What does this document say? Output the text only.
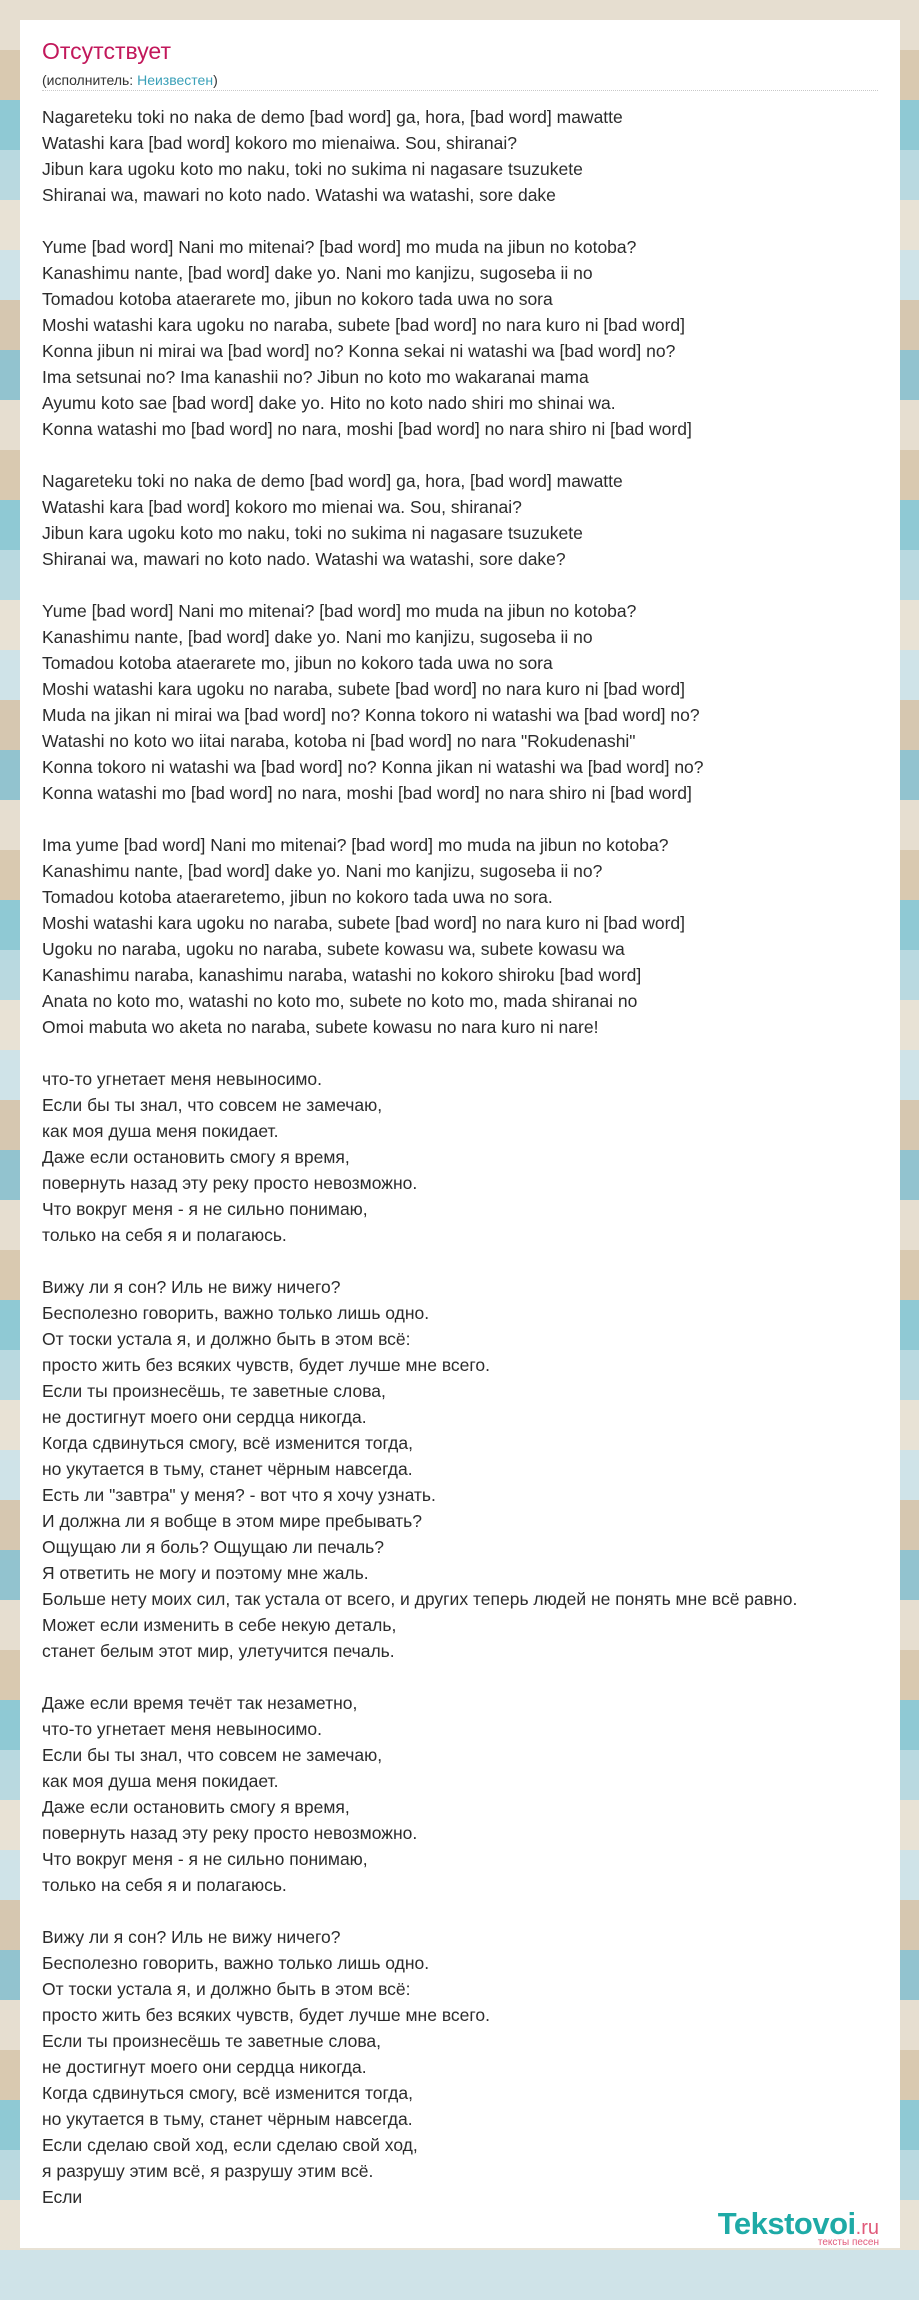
Отсутствует
(исполнитель: Неизвестен)
Nagareteku toki no naka de demo [bad word] ga, hora, [bad word] mawatte
Watashi kara [bad word] kokoro mo mienaiwa. Sou, shiranai?
Jibun kara ugoku koto mo naku, toki no sukima ni nagasare tsuzukete
Shiranai wa, mawari no koto nado. Watashi wa watashi, sore dake
Yume [bad word] Nani mo mitenai? [bad word] mo muda na jibun no kotoba?
Kanashimu nante, [bad word] dake yo. Nani mo kanjizu, sugoseba ii no
Tomadou kotoba ataerarete mo, jibun no kokoro tada uwa no sora
Moshi watashi kara ugoku no naraba, subete [bad word] no nara kuro ni [bad word]
Konna jibun ni mirai wa [bad word] no? Konna sekai ni watashi wa [bad word] no?
Ima setsunai no? Ima kanashii no? Jibun no koto mo wakaranai mama
Ayumu koto sae [bad word] dake yo. Hito no koto nado shiri mo shinai wa.
Konna watashi mo [bad word] no nara, moshi [bad word] no nara shiro ni [bad word]
Nagareteku toki no naka de demo [bad word] ga, hora, [bad word] mawatte
Watashi kara [bad word] kokoro mo mienai wa. Sou, shiranai?
Jibun kara ugoku koto mo naku, toki no sukima ni nagasare tsuzukete
Shiranai wa, mawari no koto nado. Watashi wa watashi, sore dake?
Yume [bad word] Nani mo mitenai? [bad word] mo muda na jibun no kotoba?
Kanashimu nante, [bad word] dake yo. Nani mo kanjizu, sugoseba ii no
Tomadou kotoba ataerarete mo, jibun no kokoro tada uwa no sora
Moshi watashi kara ugoku no naraba, subete [bad word] no nara kuro ni [bad word]
Muda na jikan ni mirai wa [bad word] no? Konna tokoro ni watashi wa [bad word] no?
Watashi no koto wo iitai naraba, kotoba ni [bad word] no nara "Rokudenashi"
Konna tokoro ni watashi wa [bad word] no? Konna jikan ni watashi wa [bad word] no?
Konna watashi mo [bad word] no nara, moshi [bad word] no nara shiro ni [bad word]
Ima yume [bad word] Nani mo mitenai? [bad word] mo muda na jibun no kotoba?
Kanashimu nante, [bad word] dake yo. Nani mo kanjizu, sugoseba ii no?
Tomadou kotoba ataeraretemo, jibun no kokoro tada uwa no sora.
Moshi watashi kara ugoku no naraba, subete [bad word] no nara kuro ni [bad word]
Ugoku no naraba, ugoku no naraba, subete kowasu wa, subete kowasu wa
Kanashimu naraba, kanashimu naraba, watashi no kokoro shiroku [bad word]
Anata no koto mo, watashi no koto mo, subete no koto mo, mada shiranai no
Omoi mabuta wo aketa no naraba, subete kowasu no nara kuro ni nare!
что-то угнетает меня невыносимо.
Если бы ты знал, что совсем не замечаю,
как моя душа меня покидает.
Даже если остановить смогу я время,
повернуть назад эту реку просто невозможно.
Что вокруг меня - я не сильно понимаю,
только на себя я и полагаюсь.
Вижу ли я сон? Иль не вижу ничего?
Бесполезно говорить, важно только лишь одно.
От тоски устала я, и должно быть в этом всё:
просто жить без всяких чувств, будет лучше мне всего.
Если ты произнесёшь, те заветные слова,
не достигнут моего они сердца никогда.
Когда сдвинуться смогу, всё изменится тогда,
но укутается в тьму, станет чёрным навсегда.
Есть ли "завтра" у меня? - вот что я хочу узнать.
И должна ли я вобще в этом мире пребывать?
Ощущаю ли я боль? Ощущаю ли печаль?
Я ответить не могу и поэтому мне жаль.
Больше нету моих сил, так устала от всего, и других теперь людей не понять мне всё равно.
Может если изменить в себе некую деталь,
станет белым этот мир, улетучится печаль.
Даже если время течёт так незаметно,
что-то угнетает меня невыносимо.
Если бы ты знал, что совсем не замечаю,
как моя душа меня покидает.
Даже если остановить смогу я время,
повернуть назад эту реку просто невозможно.
Что вокруг меня - я не сильно понимаю,
только на себя я и полагаюсь.
Вижу ли я сон? Иль не вижу ничего?
Бесполезно говорить, важно только лишь одно.
От тоски устала я, и должно быть в этом всё:
просто жить без всяких чувств, будет лучше мне всего.
Если ты произнесёшь те заветные слова,
не достигнут моего они сердца никогда.
Когда сдвинуться смогу, всё изменится тогда,
но укутается в тьму, станет чёрным навсегда.
Если сделаю свой ход, если сделаю свой ход,
я разрушу этим всё, я разрушу этим всё.
Если
Tekstovoi.ru
тексты песен
